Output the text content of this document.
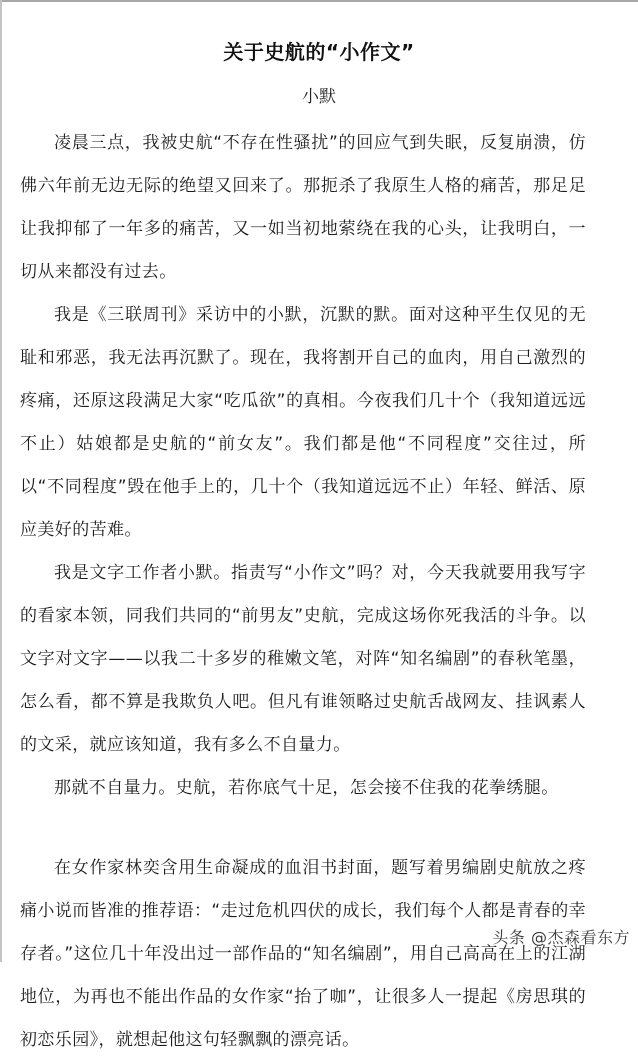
关于史航的“小作文”
小默

凌晨三点，我被史航“不存在性骚扰”的回应气到失眠，反复崩溃，仿佛六年前无边无际的绝望又回来了。那扼杀了我原生人格的痛苦，那足足让我抑郁了一年多的痛苦，又一如当初地萦绕在我的心头，让我明白，一切从来都没有过去。

我是《三联周刊》采访中的小默，沉默的默。面对这种平生仅见的无耻和邪恶，我无法再沉默了。现在，我将割开自己的血肉，用自己激烈的疼痛，还原这段满足大家“吃瓜欲”的真相。今夜我们几十个（我知道远远不止）姑娘都是史航的“前女友”。我们都是他“不同程度”交往过，所以“不同程度”毁在他手上的，几十个（我知道远远不止）年轻、鲜活、原应美好的苦难。

我是文字工作者小默。指责写“小作文”吗？对，今天我就要用我写字的看家本领，同我们共同的“前男友”史航，完成这场你死我活的斗争。以文字对文字——以我二十多岁的稚嫩文笔，对阵“知名编剧”的春秋笔墨，怎么看，都不算是我欺负人吧。但凡有谁领略过史航舌战网友、挂讽素人的文采，就应该知道，我有多么不自量力。

那就不自量力。史航，若你底气十足，怎会接不住我的花拳绣腿。

在女作家林奕含用生命凝成的血泪书封面，题写着男编剧史航放之疼痛小说而皆准的推荐语：“走过危机四伏的成长，我们每个人都是青春的幸存者。”这位几十年没出过一部作品的“知名编剧”，用自己高高在上的江湖地位，为再也不能出作品的女作家“抬了咖”，让很多人一提起《房思琪的初恋乐园》，就想起他这句轻飘飘的漂亮话。

头条 @杰森看东方
